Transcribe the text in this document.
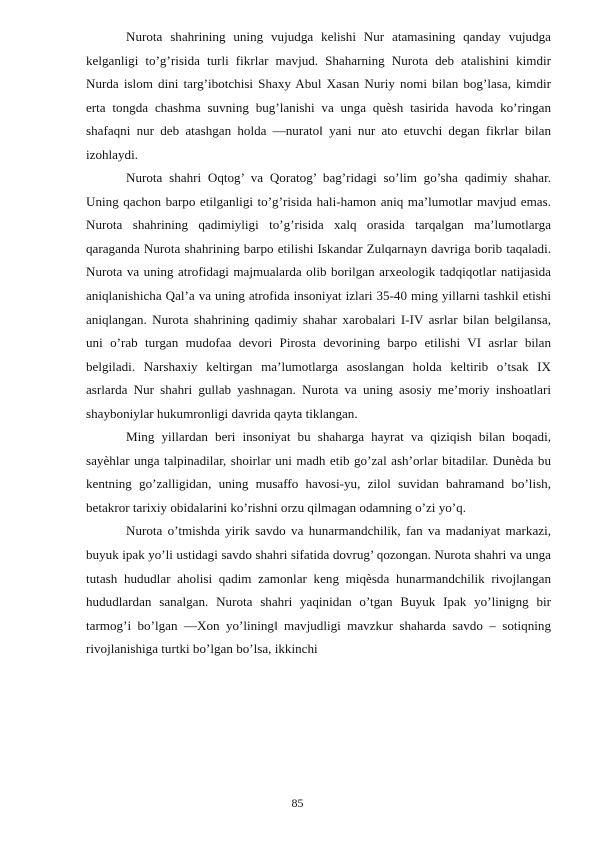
Nurota shahrining uning vujudga kelishi Nur atamasining qanday vujudga kelganligi to’g’risida turli fikrlar mavjud. Shaharning Nurota deb atalishini kimdir Nurda islom dini targ’ibotchisi Shaxy Abul Xasan Nuriy nomi bilan bog’lasa, kimdir erta tongda chashma suvning bug’lanishi va unga quѐsh tasirida havoda ko’ringan shafaqni nur deb atashgan holda ―nurato‖ yani nur ato etuvchi degan fikrlar bilan izohlaydi.

Nurota shahri Oqtog’ va Qoratog’ bag’ridagi so’lim go’sha qadimiy shahar. Uning qachon barpo etilganligi to’g’risida hali-hamon aniq ma’lumotlar mavjud emas. Nurota shahrining qadimiyligi to’g’risida xalq orasida tarqalgan ma’lumotlarga qaraganda Nurota shahrining barpo etilishi Iskandar Zulqarnayn davriga borib taqaladi. Nurota va uning atrofidagi majmualarda olib borilgan arxeologik tadqiqotlar natijasida aniqlanishicha Qal’a va uning atrofida insoniyat izlari 35-40 ming yillarni tashkil etishi aniqlangan. Nurota shahrining qadimiy shahar xarobalari I-IV asrlar bilan belgilansa, uni o’rab turgan mudofaa devori Pirosta devorining barpo etilishi VI asrlar bilan belgiladi. Narshaxiy keltirgan ma’lumotlarga asoslangan holda keltirib o’tsak IX asrlarda Nur shahri gullab yashnagan. Nurota va uning asosiy me’moriy inshoatlari shayboniylar hukumronligi davrida qayta tiklangan.

Ming yillardan beri insoniyat bu shaharga hayrat va qiziqish bilan boqadi, sayѐhlar unga talpinadilar, shoirlar uni madh etib go’zal ash’orlar bitadilar. Dunѐda bu kentning go’zalligidan, uning musaffo havosi-yu, zilol suvidan bahramand bo’lish, betakror tarixiy obidalarini ko’rishni orzu qilmagan odamning o’zi yo’q.

Nurota o’tmishda yirik savdo va hunarmandchilik, fan va madaniyat markazi, buyuk ipak yo’li ustidagi savdo shahri sifatida dovrug’ qozongan. Nurota shahri va unga tutash hududlar aholisi qadim zamonlar keng miqѐsda hunarmandchilik rivojlangan hududlardan sanalgan. Nurota shahri yaqinidan o’tgan Buyuk Ipak yo’linigng bir tarmog’i bo’lgan ―Xon yo’lining‖ mavjudligi mavzkur shaharda savdo – sotiqning rivojlanishiga turtki bo’lgan bo’lsa, ikkinchi

85
